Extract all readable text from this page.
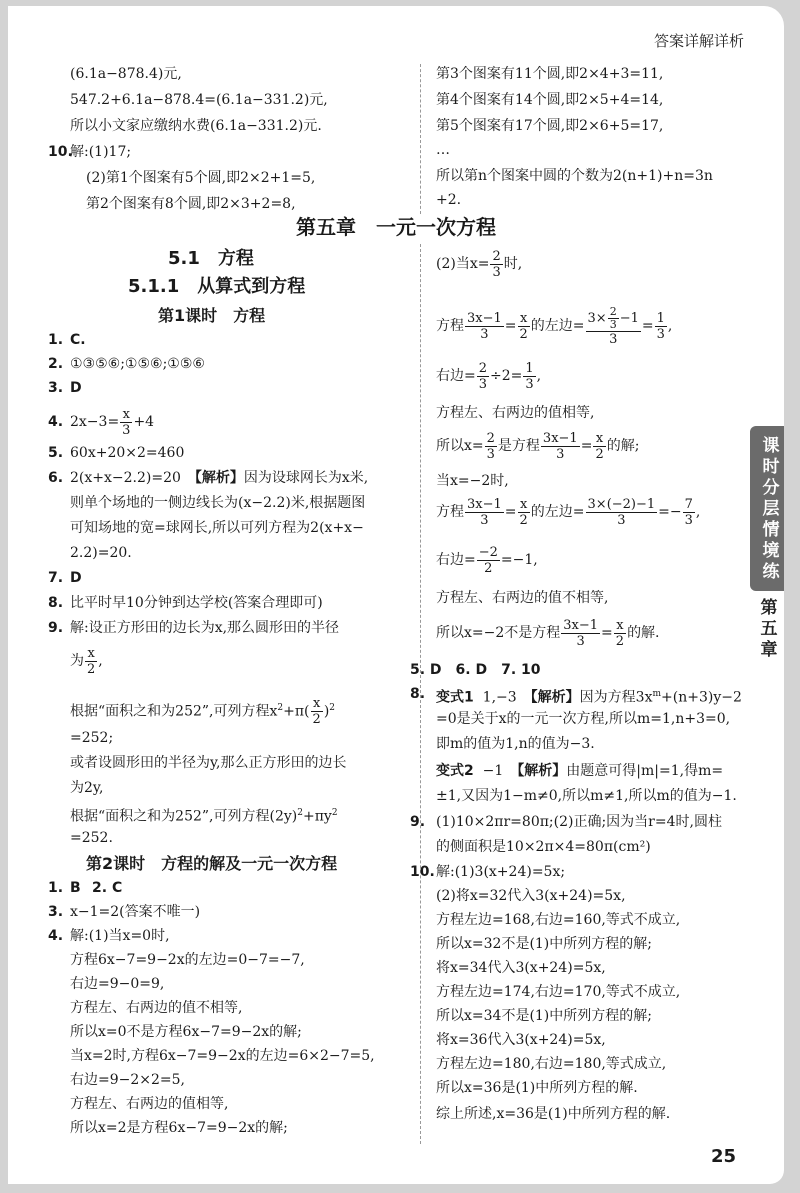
答案详解详析
(6.1a−878.4)元,
547.2+6.1a−878.4=(6.1a−331.2)元,
所以小文家应缴纳水费(6.1a−331.2)元.
10.
解:(1)17;
(2)第1个图案有5个圆,即2×2+1=5,
第2个图案有8个圆,即2×3+2=8,
第3个图案有11个圆,即2×4+3=11,
第4个图案有14个圆,即2×5+4=14,
第5个图案有17个圆,即2×6+5=17,
…
所以第n个图案中圆的个数为2(n+1)+n=3n
+2.
第五章　一元一次方程
5.1　方程
5.1.1　从算式到方程
第1课时　方程
1. C.
2. ①③⑤⑥;①⑤⑥;①⑤⑥
3. D
4. $2x-3= \frac{x}{3} +4$
5. 60x+20×2=460
6. 2(x+x−2.2)=20　【解析】因为设球网长为x米,
则单个场地的一侧边线长为(x−2.2)米,根据题图
可知场地的宽=球网长,所以可列方程为2(x+x−
2.2)=20.
7. D
8. 比平时早10分钟到达学校(答案合理即可)
9. 解:设正方形田的边长为x,那么圆形田的半径
为 $\frac{x}{2}$ ,
根据“面积之和为252”,可列方程$x^2+\pi( \frac{x}{2} )^2$
=252;
或者设圆形田的半径为y,那么正方形田的边长
为2y,
根据“面积之和为252”,可列方程$(2y)^2+\pi y^2$
=252.
第2课时　方程的解及一元一次方程
1. B 2. C
3. x−1=2(答案不唯一)
4. 解:(1)当x=0时,
方程6x−7=9−2x的左边=0−7=−7,
右边=9−0=9,
方程左、右两边的值不相等,
所以x=0不是方程6x−7=9−2x的解;
当x=2时,方程6x−7=9−2x的左边=6×2−7=5,
右边=9−2×2=5,
方程左、右两边的值相等,
所以x=2是方程6x−7=9−2x的解;
(2)当$x= \frac{2}{3}$ 时,
方程 $\frac{3x-1}{3} = \frac{x}{2}$ 的左边= $\frac{3\times \frac{2}{3} -1}{3} = \frac{1}{3}$ ,
右边= $\frac{2}{3} \div 2= \frac{1}{3}$ ,
方程左、右两边的值相等,
所以$x= \frac{2}{3}$ 是方程 $\frac{3x-1}{3} = \frac{x}{2}$ 的解;
当x=−2时,
方程 $\frac{3x-1}{3} = \frac{x}{2}$ 的左边= $\frac{3\times(-2)-1}{3} =- \frac{7}{3}$ ,
右边= $\frac{-2}{2} =-1$,
方程左、右两边的值不相等,
所以x=−2不是方程 $\frac{3x-1}{3} = \frac{x}{2}$ 的解.
5. D　6. D　7. 10
8. 变式1 1,−3　【解析】因为方程$3x^m+(n+3)y-2$
=0是关于x的一元一次方程,所以m=1,n+3=0,
即m的值为1,n的值为−3.
变式2 −1　【解析】由题意可得|m|=1,得m=
±1,又因为1−m≠0,所以m≠1,所以m的值为−1.
9. (1)10×2πr=80π;(2)正确;因为当r=4时,圆柱
的侧面积是10×2π×4=80π(cm²)
10. 解:(1)3(x+24)=5x;
(2)将x=32代入3(x+24)=5x,
方程左边=168,右边=160,等式不成立,
所以x=32不是(1)中所列方程的解;
将x=34代入3(x+24)=5x,
方程左边=174,右边=170,等式不成立,
所以x=34不是(1)中所列方程的解;
将x=36代入3(x+24)=5x,
方程左边=180,右边=180,等式成立,
所以x=36是(1)中所列方程的解.
综上所述,x=36是(1)中所列方程的解.
课
时
分
层
情
境
练
第
五
章
25
